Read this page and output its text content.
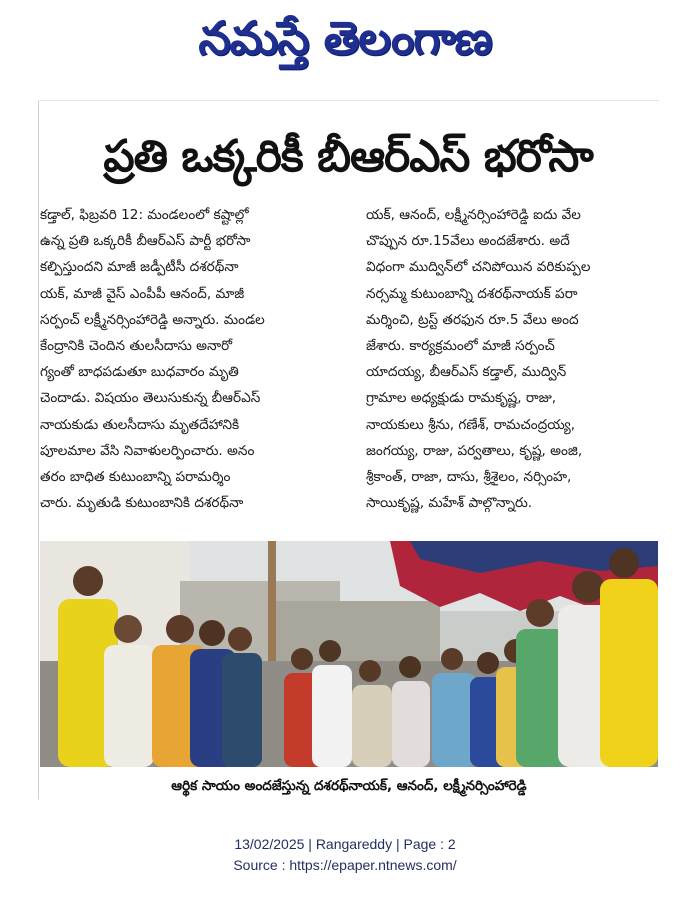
నమస్తే తెలంగాణ
ప్రతి ఒక్కరికీ బీఆర్ఎస్ భరోసా
కడ్తాల్, ఫిబ్రవరి 12: మండలంలో కష్టాల్లో
ఉన్న ప్రతి ఒక్కరికీ బీఆర్ఎస్ పార్టీ భరోసా
కల్పిస్తుందని మాజీ జడ్పీటీసీ దశరథ్‌నా
యక్, మాజీ వైస్ ఎంపీపీ ఆనంద్, మాజీ
సర్పంచ్ లక్ష్మీనర్సింహారెడ్డి అన్నారు. మండల
కేంద్రానికి చెందిన తులసీదాసు అనారో
గ్యంతో బాధపడుతూ బుధవారం మృతి
చెందాడు. విషయం తెలుసుకున్న బీఆర్ఎస్
నాయకుడు తులసీదాసు మృతదేహానికి
పూలమాల వేసి నివాళులర్పించారు. అనం
తరం బాధిత కుటుంబాన్ని పరామర్శిం
చారు. మృతుడి కుటుంబానికి దశరథ్‌నా
యక్, ఆనంద్, లక్ష్మీనర్సింహారెడ్డి ఐదు వేల
చొప్పున రూ.15వేలు అందజేశారు. అదే
విధంగా ముద్విన్‌లో చనిపోయిన వరికుప్పల
నర్సమ్మ కుటుంబాన్ని దశరథ్‌నాయక్ పరా
మర్శించి, ట్రస్ట్ తరఫున రూ.5 వేలు అంద
జేశారు. కార్యక్రమంలో మాజీ సర్పంచ్
యాదయ్య, బీఆర్ఎస్ కడ్తాల్, ముద్విన్
గ్రామాల అధ్యక్షుడు రామకృష్ణ, రాజు,
నాయకులు శ్రీను, గణేశ్, రామచంద్రయ్య,
జంగయ్య, రాజు, పర్వతాలు, కృష్ణ, అంజి,
శ్రీకాంత్, రాజా, దాసు, శ్రీశైలం, నర్సింహ,
సాయికృష్ణ, మహేశ్ పాల్గొన్నారు.
ఆర్థిక సాయం అందజేస్తున్న దశరథ్‌నాయక్, ఆనంద్, లక్ష్మీనర్సింహారెడ్డి
13/02/2025 | Rangareddy | Page : 2
Source : https://epaper.ntnews.com/
